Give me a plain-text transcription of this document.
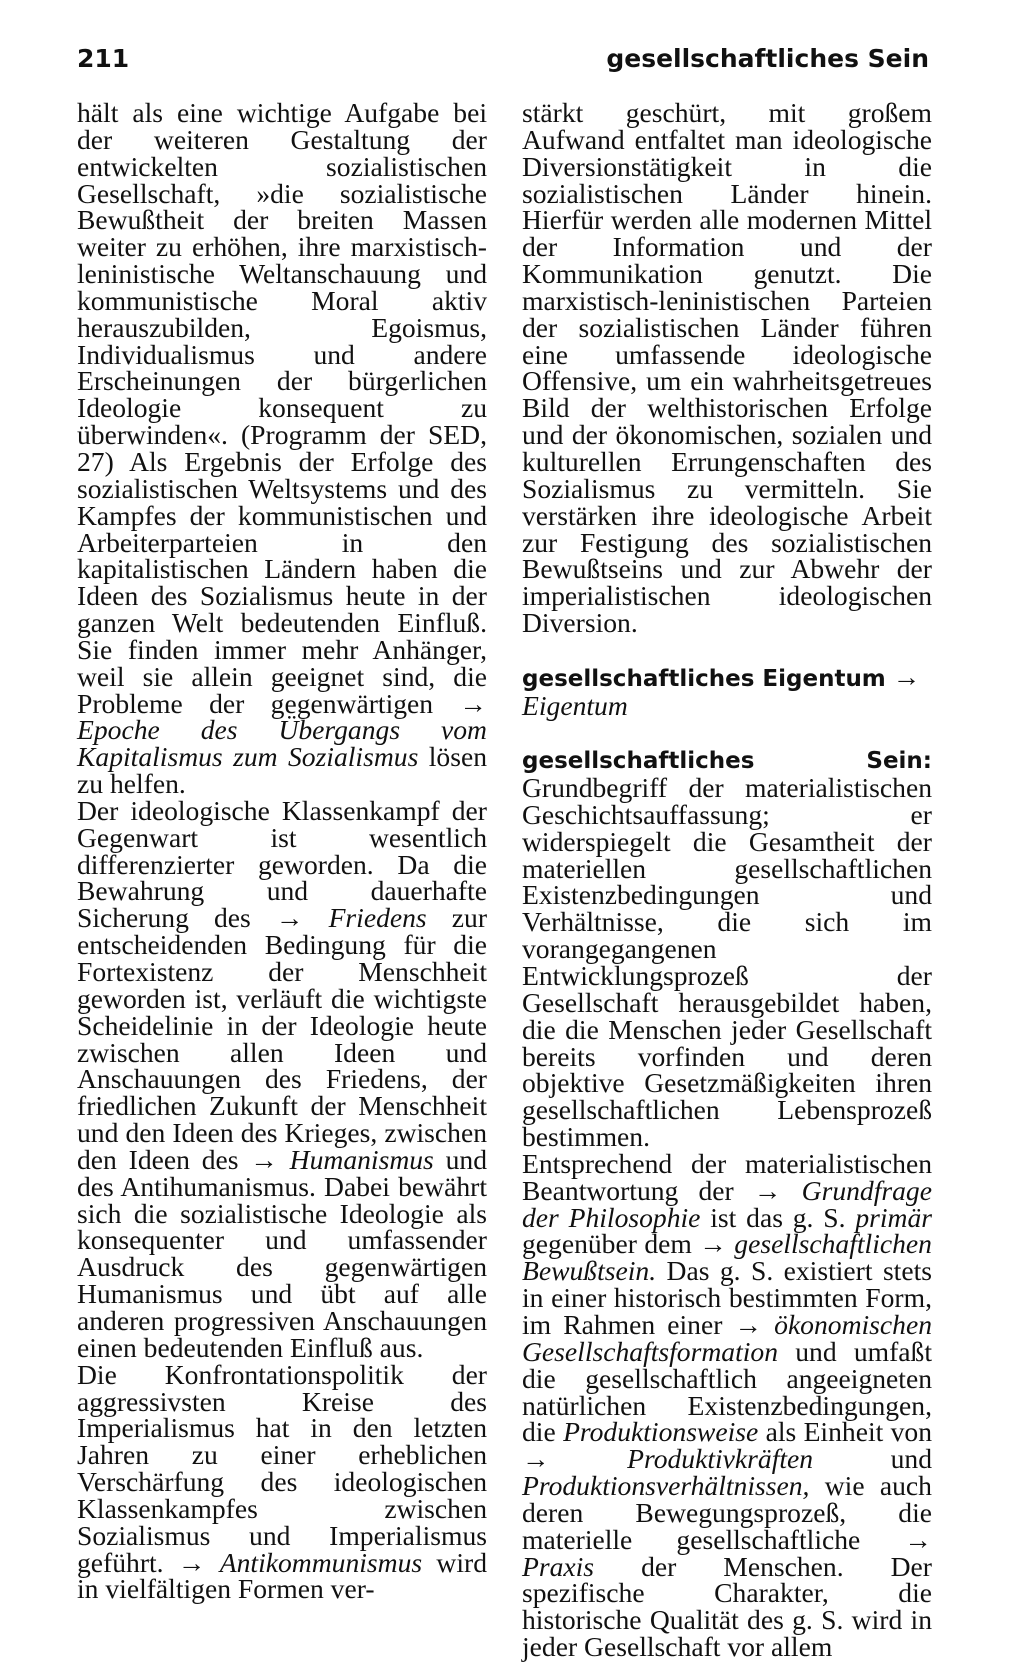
211	gesellschaftliches Sein

hält als eine wichtige Aufgabe bei der weiteren Gestaltung der entwickelten sozialistischen Gesellschaft, »die sozialistische Bewußtheit der breiten Massen weiter zu erhöhen, ihre marxistisch-leninistische Weltanschauung und kommunistische Moral aktiv herauszubilden, Egoismus, Individualismus und andere Erscheinungen der bürgerlichen Ideologie konsequent zu überwinden«. (Programm der SED, 27) Als Ergebnis der Erfolge des sozialistischen Weltsystems und des Kampfes der kommunistischen und Arbeiterparteien in den kapitalistischen Ländern haben die Ideen des Sozialismus heute in der ganzen Welt bedeutenden Einfluß. Sie finden immer mehr Anhänger, weil sie allein geeignet sind, die Probleme der gegenwärtigen → Epoche des Übergangs vom Kapitalismus zum Sozialismus lösen zu helfen.

Der ideologische Klassenkampf der Gegenwart ist wesentlich differenzierter geworden. Da die Bewahrung und dauerhafte Sicherung des → Friedens zur entscheidenden Bedingung für die Fortexistenz der Menschheit geworden ist, verläuft die wichtigste Scheidelinie in der Ideologie heute zwischen allen Ideen und Anschauungen des Friedens, der friedlichen Zukunft der Menschheit und den Ideen des Krieges, zwischen den Ideen des → Humanismus und des Antihumanismus. Dabei bewährt sich die sozialistische Ideologie als konsequenter und umfassender Ausdruck des gegenwärtigen Humanismus und übt auf alle anderen progressiven Anschauungen einen bedeutenden Einfluß aus.

Die Konfrontationspolitik der aggressivsten Kreise des Imperialismus hat in den letzten Jahren zu einer erheblichen Verschärfung des ideologischen Klassenkampfes zwischen Sozialismus und Imperialismus geführt. → Antikommunismus wird in vielfältigen Formen ver-

stärkt geschürt, mit großem Aufwand entfaltet man ideologische Diversionstätigkeit in die sozialistischen Länder hinein. Hierfür werden alle modernen Mittel der Information und der Kommunikation genutzt. Die marxistisch-leninistischen Parteien der sozialistischen Länder führen eine umfassende ideologische Offensive, um ein wahrheitsgetreues Bild der welthistorischen Erfolge und der ökonomischen, sozialen und kulturellen Errungenschaften des Sozialismus zu vermitteln. Sie verstärken ihre ideologische Arbeit zur Festigung des sozialistischen Bewußtseins und zur Abwehr der imperialistischen ideologischen Diversion.

gesellschaftliches Eigentum →
Eigentum

gesellschaftliches Sein: Grundbegriff der materialistischen Geschichtsauffassung; er widerspiegelt die Gesamtheit der materiellen gesellschaftlichen Existenzbedingungen und Verhältnisse, die sich im vorangegangenen Entwicklungsprozeß der Gesellschaft herausgebildet haben, die die Menschen jeder Gesellschaft bereits vorfinden und deren objektive Gesetzmäßigkeiten ihren gesellschaftlichen Lebensprozeß bestimmen.

Entsprechend der materialistischen Beantwortung der → Grundfrage der Philosophie ist das g. S. primär gegenüber dem → gesellschaftlichen Bewußtsein. Das g. S. existiert stets in einer historisch bestimmten Form, im Rahmen einer → ökonomischen Gesellschaftsformation und umfaßt die gesellschaftlich angeeigneten natürlichen Existenzbedingungen, die Produktionsweise als Einheit von →	Produktivkräften	und Produktionsverhältnissen, wie auch deren Bewegungsprozeß, die materielle gesellschaftliche → Praxis der Menschen. Der spezifische Charakter, die historische Qualität des g. S. wird in jeder Gesellschaft vor allem
